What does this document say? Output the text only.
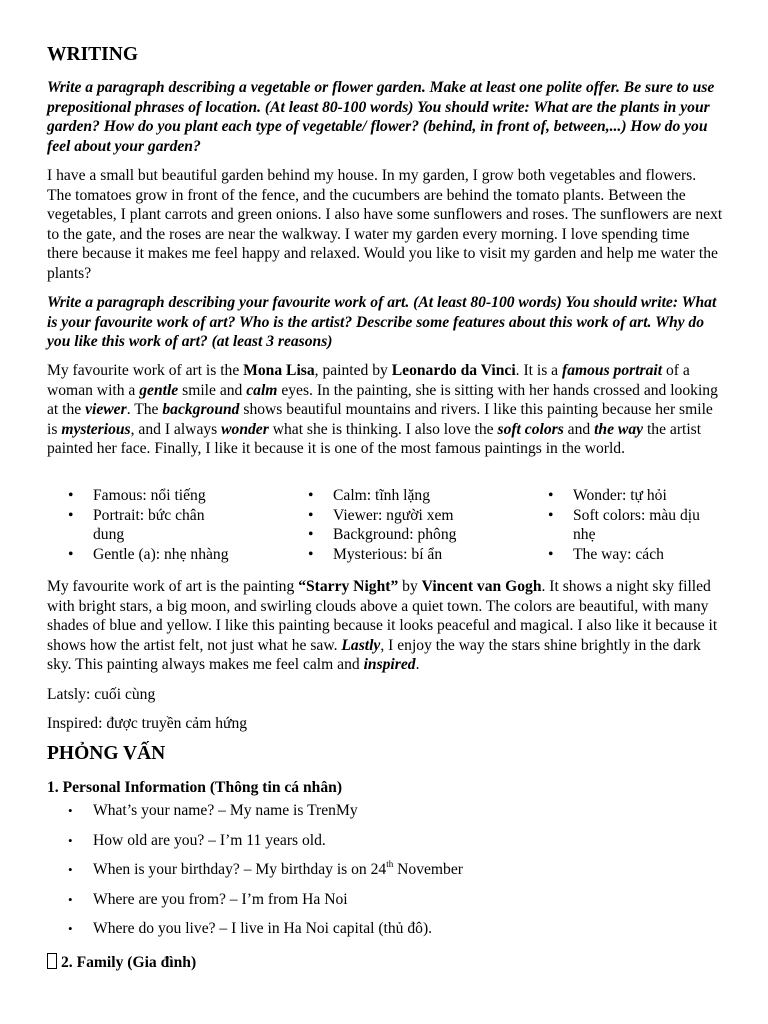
WRITING

Write a paragraph describing a vegetable or flower garden. Make at least one polite offer. Be sure to use prepositional phrases of location. (At least 80-100 words) You should write: What are the plants in your garden? How do you plant each type of vegetable/ flower? (behind, in front of, between,...) How do you feel about your garden?

I have a small but beautiful garden behind my house. In my garden, I grow both vegetables and flowers. The tomatoes grow in front of the fence, and the cucumbers are behind the tomato plants. Between the vegetables, I plant carrots and green onions. I also have some sunflowers and roses. The sunflowers are next to the gate, and the roses are near the walkway. I water my garden every morning. I love spending time there because it makes me feel happy and relaxed. Would you like to visit my garden and help me water the plants?

Write a paragraph describing your favourite work of art. (At least 80-100 words) You should write: What is your favourite work of art? Who is the artist? Describe some features about this work of art. Why do you like this work of art? (at least 3 reasons)

My favourite work of art is the Mona Lisa, painted by Leonardo da Vinci. It is a famous portrait of a woman with a gentle smile and calm eyes. In the painting, she is sitting with her hands crossed and looking at the viewer. The background shows beautiful mountains and rivers. I like this painting because her smile is mysterious, and I always wonder what she is thinking. I also love the soft colors and the way the artist painted her face. Finally, I like it because it is one of the most famous paintings in the world.

• Famous: nổi tiếng
• Portrait: bức chân dung
• Gentle (a): nhẹ nhàng
• Calm: tĩnh lặng
• Viewer: người xem
• Background: phông
• Mysterious: bí ẩn
• Wonder: tự hỏi
• Soft colors: màu dịu nhẹ
• The way: cách

My favourite work of art is the painting “Starry Night” by Vincent van Gogh. It shows a night sky filled with bright stars, a big moon, and swirling clouds above a quiet town. The colors are beautiful, with many shades of blue and yellow. I like this painting because it looks peaceful and magical. I also like it because it shows how the artist felt, not just what he saw. Lastly, I enjoy the way the stars shine brightly in the dark sky. This painting always makes me feel calm and inspired.

Latsly: cuối cùng

Inspired: được truyền cảm hứng

PHỎNG VẤN
1. Personal Information (Thông tin cá nhân)
• What’s your name? – My name is TrenMy
• How old are you? – I’m 11 years old.
• When is your birthday? – My birthday is on 24th November
• Where are you from? – I’m from Ha Noi
• Where do you live? – I live in Ha Noi capital (thủ đô).
2. Family (Gia đình)
